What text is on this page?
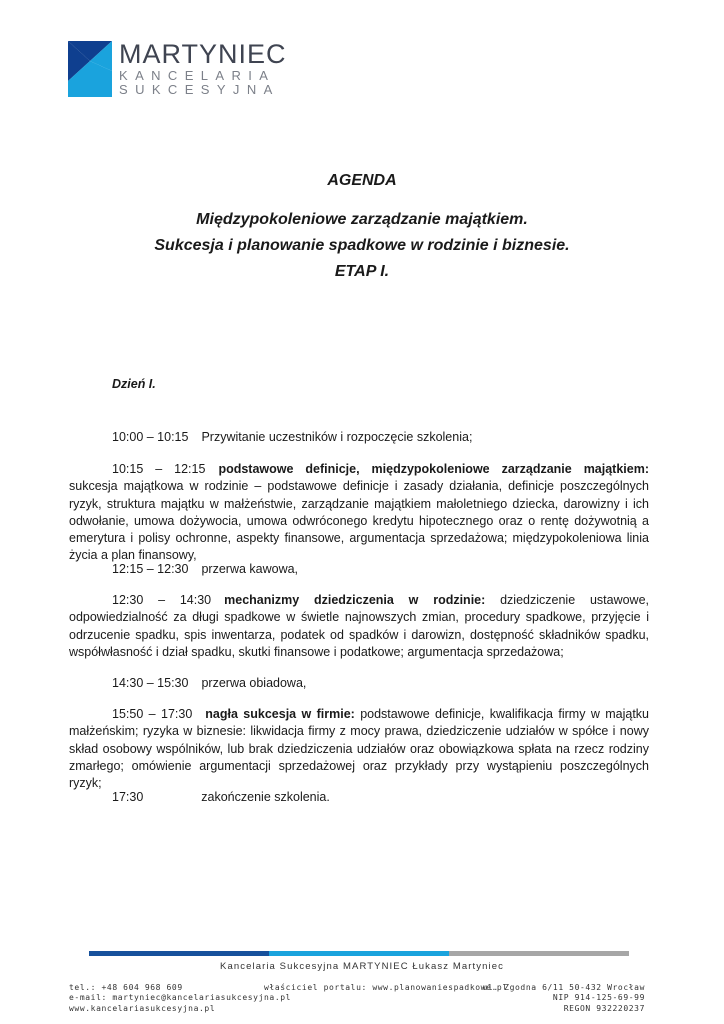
MARTYNIEC
KANCELARIA
SUKCESYJNA
AGENDA
Międzypokoleniowe zarządzanie majątkiem.
Sukcesja i planowanie spadkowe w rodzinie i biznesie.
ETAP I.
Dzień I.
10:00 – 10:15 Przywitanie uczestników i rozpoczęcie szkolenia;
10:15 – 12:15 podstawowe definicje, międzypokoleniowe zarządzanie majątkiem: sukcesja majątkowa w rodzinie – podstawowe definicje i zasady działania, definicje poszczególnych ryzyk, struktura majątku w małżeństwie, zarządzanie majątkiem małoletniego dziecka, darowizny i ich odwołanie, umowa dożywocia, umowa odwróconego kredytu hipotecznego oraz o rentę dożywotnią a emerytura i polisy ochronne, aspekty finansowe, argumentacja sprzedażowa; międzypokoleniowa linia życia a plan finansowy,
12:15 – 12:30 przerwa kawowa,
12:30 – 14:30 mechanizmy dziedziczenia w rodzinie: dziedziczenie ustawowe, odpowiedzialność za długi spadkowe w świetle najnowszych zmian, procedury spadkowe, przyjęcie i odrzucenie spadku, spis inwentarza, podatek od spadków i darowizn, dostępność składników spadku, współwłasność i dział spadku, skutki finansowe i podatkowe; argumentacja sprzedażowa;
14:30 – 15:30 przerwa obiadowa,
15:50 – 17:30 nagła sukcesja w firmie: podstawowe definicje, kwalifikacja firmy w majątku małżeńskim; ryzyka w biznesie: likwidacja firmy z mocy prawa, dziedziczenie udziałów w spółce i nowy skład osobowy wspólników, lub brak dziedziczenia udziałów oraz obowiązkowa spłata na rzecz rodziny zmarłego; omówienie argumentacji sprzedażowej oraz przykłady przy wystąpieniu poszczególnych ryzyk;
17:30	zakończenie szkolenia.
Kancelaria Sukcesyjna MARTYNIEC Łukasz Martyniec
tel.: +48 604 968 609
e-mail: martyniec@kancelariasukcesyjna.pl
www.kancelariasukcesyjna.pl
właściciel portalu: www.planowaniespadkowe.pl
ul. Zgodna 6/11 50-432 Wrocław
NIP 914-125-69-99
REGON 932220237
